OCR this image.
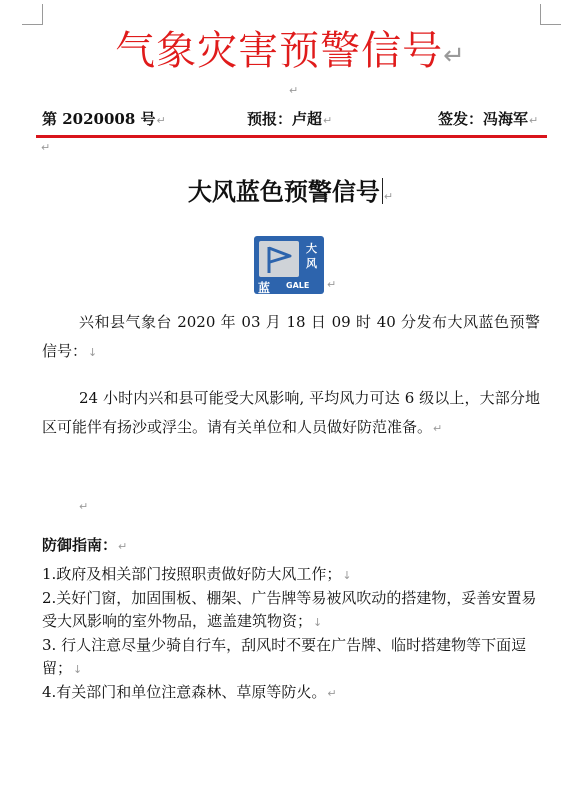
气象灾害预警信号↵
↵
第 2020008 号↵	预报：卢超↵	签发：冯海军↵
↵
大风蓝色预警信号 ↵
大风
蓝 GALE ↵
兴和县气象台 2020 年 03 月 18 日 09 时 40 分发布大风蓝色预警信号：↓
24 小时内兴和县可能受大风影响, 平均风力可达 6 级以上，大部分地区可能伴有扬沙或浮尘。请有关单位和人员做好防范准备。↵
↵
防御指南：↵
1.政府及相关部门按照职责做好防大风工作；↓
2.关好门窗，加固围板、棚架、广告牌等易被风吹动的搭建物，妥善安置易受大风影响的室外物品，遮盖建筑物资；↓
3. 行人注意尽量少骑自行车，刮风时不要在广告牌、临时搭建物等下面逗留；↓
4.有关部门和单位注意森林、草原等防火。↵
